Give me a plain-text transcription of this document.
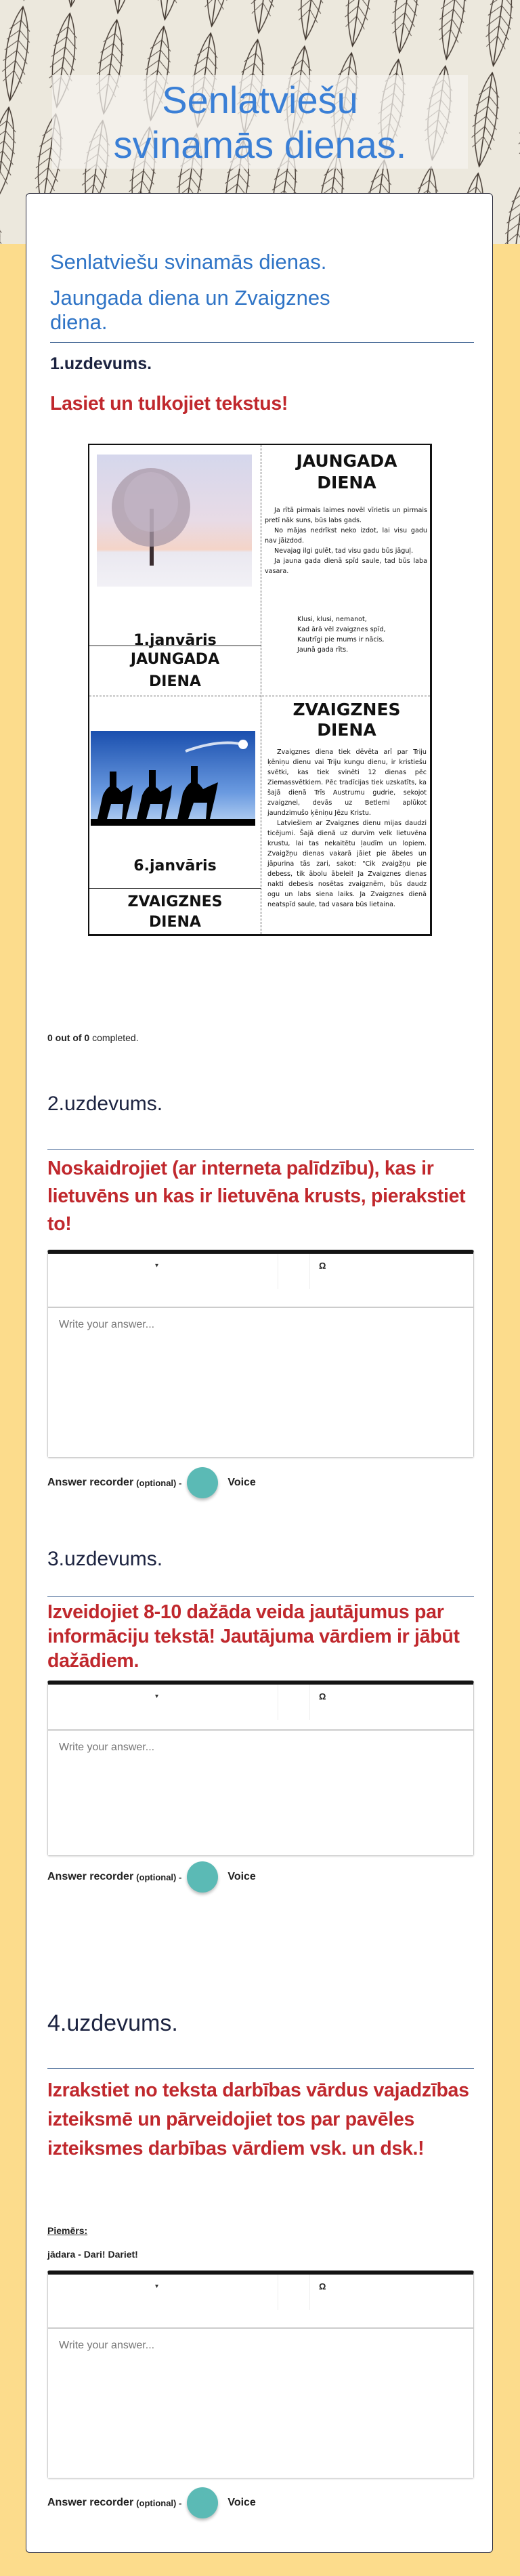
Senlatviešu
svinamās dienas.
Senlatviešu svinamās dienas.
Jaungada diena un Zvaigznes diena.
1.uzdevums.
Lasiet un tulkojiet tekstus!
1.janvāris
JAUNGADA
DIENA
JAUNGADA
DIENA

Ja rītā pirmais laimes novēl vīrietis un pirmais pretī nāk suns, būs labs gads.

No mājas nedrīkst neko izdot, lai visu gadu nav jāizdod.

Nevajag ilgi gulēt, tad visu gadu būs jāguļ.

Ja jauna gada dienā spīd saule, tad būs laba vasara.

Klusi, klusi, nemanot,
Kad ārā vēl zvaigznes spīd,
Kautrīgi pie mums ir nācis,
Jaunā gada rīts.
6.janvāris
ZVAIGZNES
DIENA
ZVAIGZNES
DIENA

Zvaigznes diena tiek dēvēta arī par Triju ķēniņu dienu vai Triju kungu dienu, ir kristiešu svētki, kas tiek svinēti 12 dienas pēc Ziemassvētkiem. Pēc tradīcijas tiek uzskatīts, ka šajā dienā Trīs Austrumu gudrie, sekojot zvaigznei, devās uz Betlemi aplūkot jaundzimušo ķēniņu Jēzu Kristu.

Latviešiem ar Zvaigznes dienu mijas daudzi ticējumi. Šajā dienā uz durvīm velk lietuvēna krustu, lai tas nekaitētu ļaudīm un lopiem. Zvaigžņu dienas vakarā jāiet pie ābeles un jāpurina tās zari, sakot: "Cik zvaigžņu pie debess, tik ābolu ābelei! Ja Zvaigznes dienas nakti debesis nosētas zvaigznēm, būs daudz ogu un labs siena laiks. Ja Zvaigznes dienā neatspīd saule, tad vasara būs lietaina.

0 out of 0 completed.
2.uzdevums.
Noskaidrojiet (ar interneta palīdzību), kas ir lietuvēns un kas ir lietuvēna krusts, pierakstiet to!
▾	Ω
Write your answer...
Answer recorder (optional) -	Voice
3.uzdevums.
Izveidojiet 8-10 dažāda veida jautājumus par informāciju tekstā! Jautājuma vārdiem ir jābūt dažādiem.
▾	Ω
Write your answer...
Answer recorder (optional) -	Voice
4.uzdevums.
Izrakstiet no teksta darbības vārdus vajadzības izteiksmē un pārveidojiet tos par pavēles izteiksmes darbības vārdiem vsk. un dsk.!
Piemērs:
jādara - Dari! Dariet!
▾	Ω
Write your answer...
Answer recorder (optional) -	Voice
